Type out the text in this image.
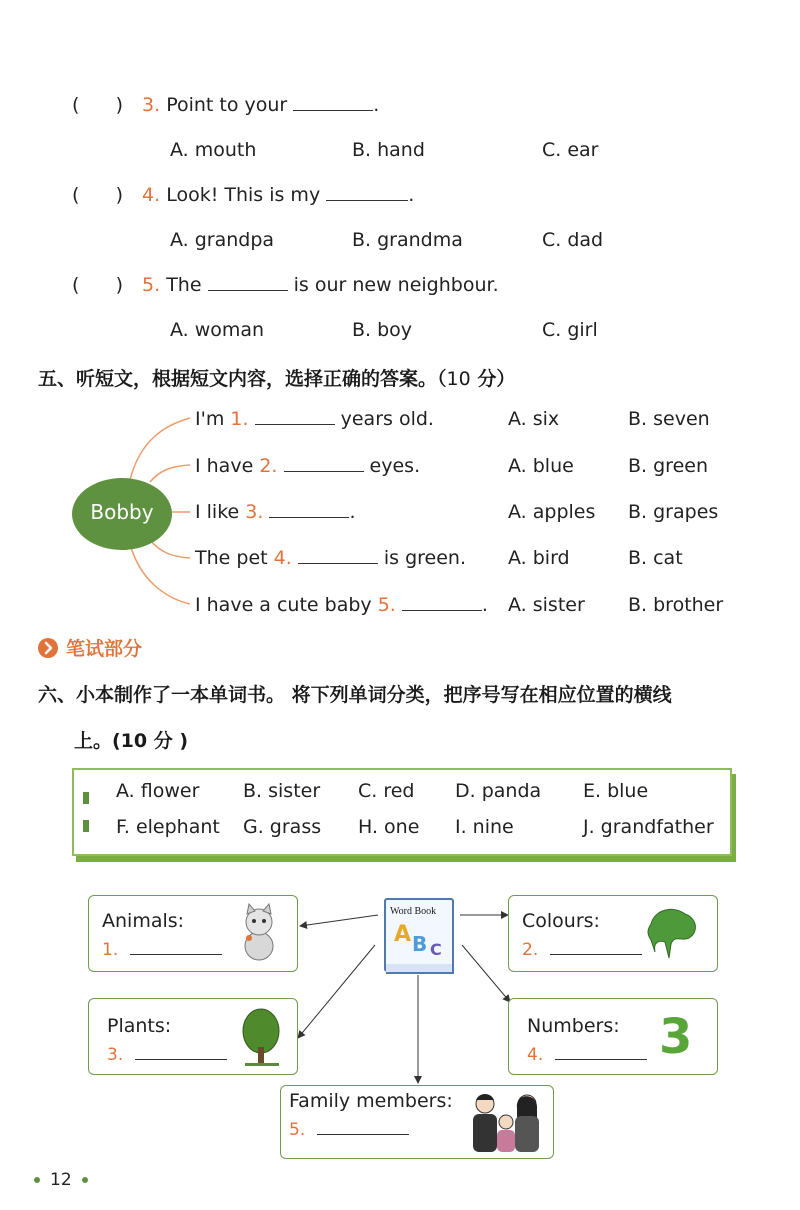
(      ) 3. Point to your	.
A. mouth	B. hand	C. ear
(      ) 4. Look! This is my	.
A. grandpa	B. grandma	C. dad
(      ) 5. The	is our new neighbour.
A. woman	B. boy	C. girl
五、听短文，根据短文内容，选择正确的答案。（10 分）
Bobby
I'm 1.	years old.	A. six	B. seven
I have 2.	eyes.	A. blue	B. green
I like 3.	.	A. apples B. grapes
The pet 4.	is green. A. bird	B. cat
I have a cute baby 5.	. A. sister B. brother
笔试部分
六、小本制作了一本单词书。 将下列单词分类，把序号写在相应位置的横线
上。(10 分 )
A. flower B. sister C. red D. panda E. blue
F. elephant G. grass H. one I. nine	J. grandfather
Word Book
A B C
Animals:
1.
Colours:
2.
Plants:
3.
Numbers:
4.	3
Family members:
5.
12
